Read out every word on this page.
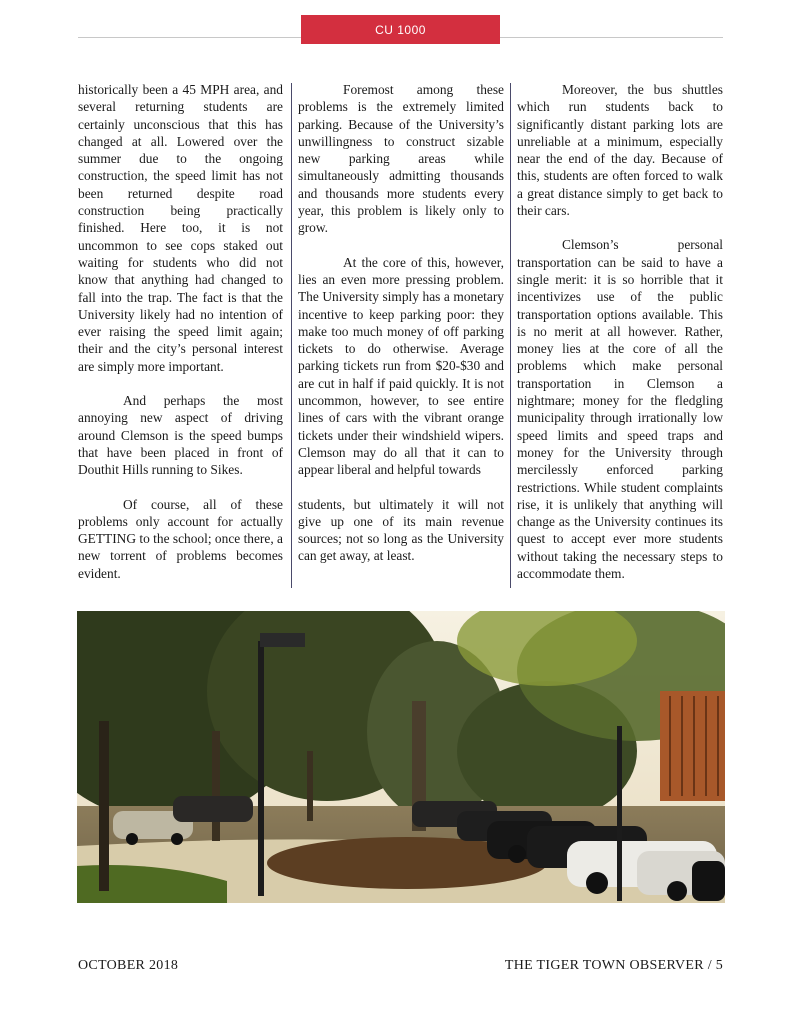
CU 1000

historically been a 45 MPH area, and several returning students are certainly unconscious that this has changed at all. Lowered over the summer due to the ongoing construction, the speed limit has not been returned despite road construction being practically finished. Here too, it is not uncommon to see cops staked out waiting for students who did not know that anything had changed to fall into the trap. The fact is that the University likely had no intention of ever raising the speed limit again; their and the city’s personal interest are simply more important.

And perhaps the most annoying new aspect of driving around Clemson is the speed bumps that have been placed in front of Douthit Hills running to Sikes.

Of course, all of these problems only account for actually GETTING to the school; once there, a new torrent of problems becomes evident.

Foremost among these problems is the extremely limited parking. Because of the University’s unwillingness to construct sizable new parking areas while simultaneously admitting thousands and thousands more students every year, this problem is likely only to grow.

At the core of this, however, lies an even more pressing problem. The University simply has a monetary incentive to keep parking poor: they make too much money of off parking tickets to do otherwise. Average parking tickets run from $20-$30 and are cut in half if paid quickly. It is not uncommon, however, to see entire lines of cars with the vibrant orange tickets under their windshield wipers. Clemson may do all that it can to appear liberal and helpful towards

students, but ultimately it will not give up one of its main revenue sources; not so long as the University can get away, at least.

Moreover, the bus shuttles which run students back to significantly distant parking lots are unreliable at a minimum, especially near the end of the day. Because of this, students are often forced to walk a great distance simply to get back to their cars.

Clemson’s personal transportation can be said to have a single merit: it is so horrible that it incentivizes use of the public transportation options available. This is no merit at all however. Rather, money lies at the core of all the problems which make personal transportation in Clemson a nightmare; money for the fledgling municipality through irrationally low speed limits and speed traps and money for the University through mercilessly enforced parking restrictions. While student complaints rise, it is unlikely that anything will change as the University continues its quest to accept ever more students without taking the necessary steps to accommodate them.

OCTOBER 2018	THE TIGER TOWN OBSERVER / 5
